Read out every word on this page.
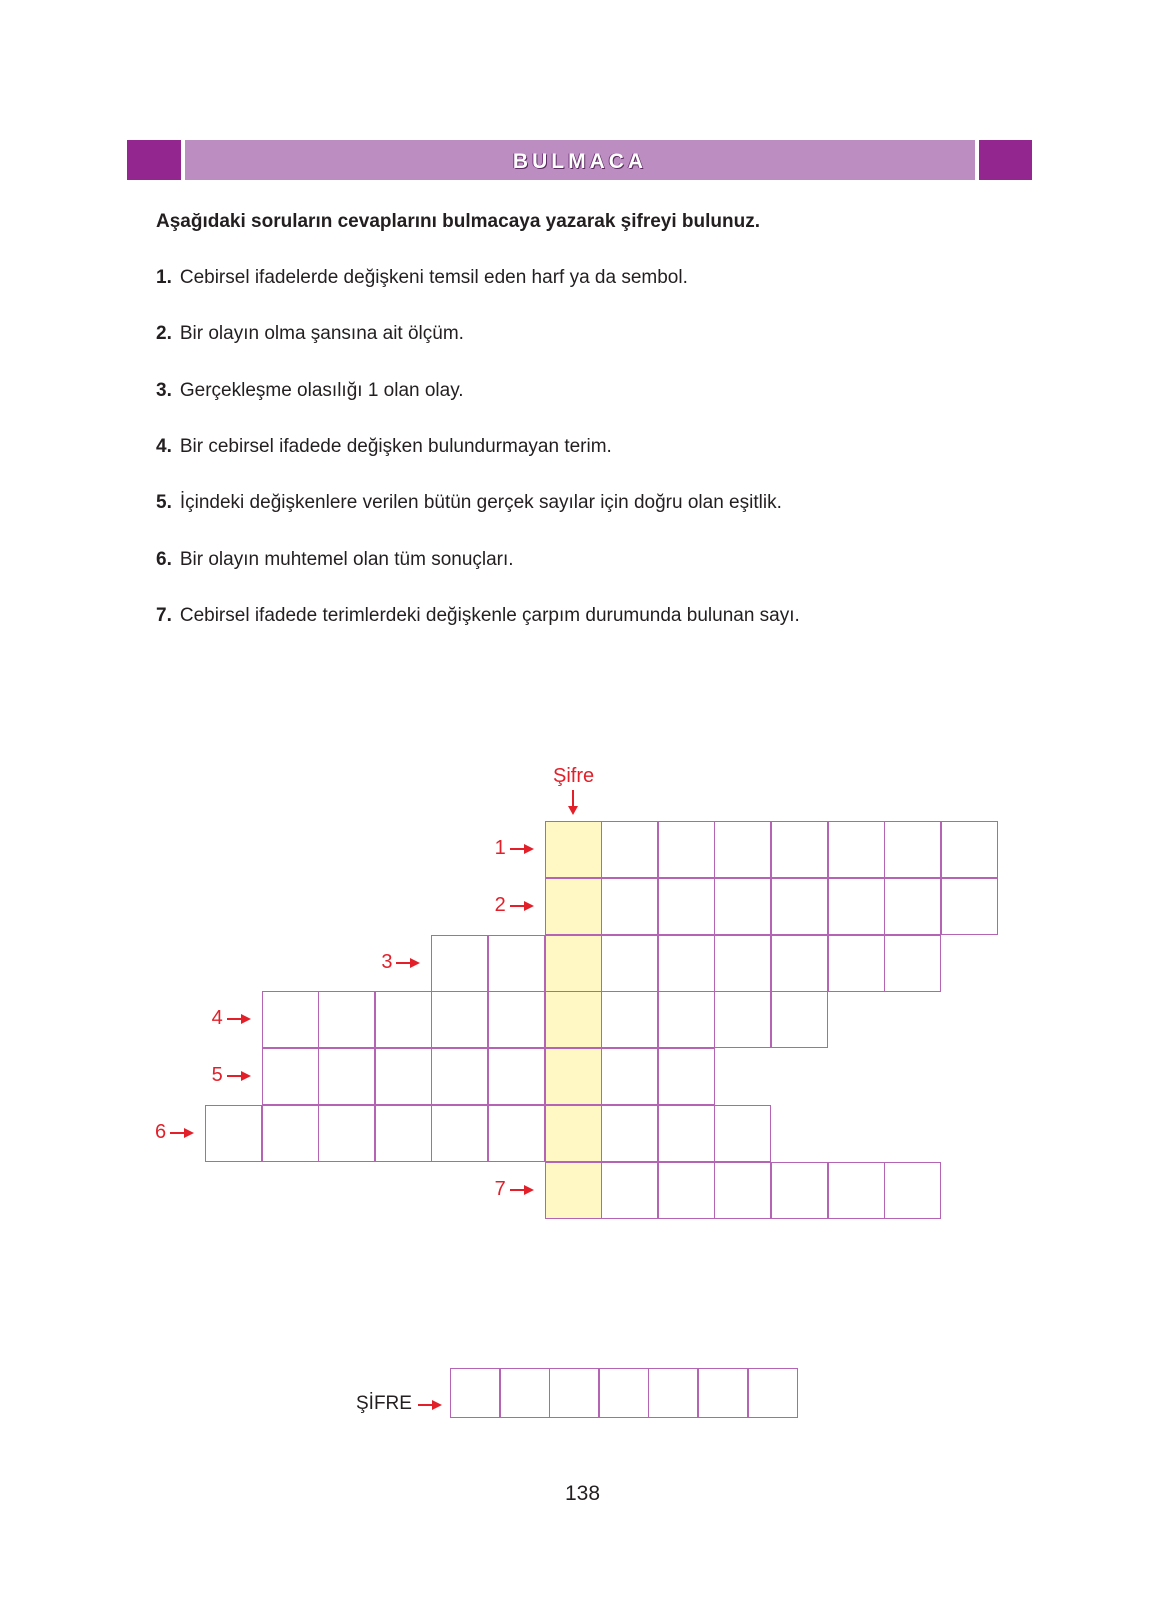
BULMACA
Aşağıdaki soruların cevaplarını bulmacaya yazarak şifreyi bulunuz.
1. Cebirsel ifadelerde değişkeni temsil eden harf ya da sembol.
2. Bir olayın olma şansına ait ölçüm.
3. Gerçekleşme olasılığı 1 olan olay.
4. Bir cebirsel ifadede değişken bulundurmayan terim.
5. İçindeki değişkenlere verilen bütün gerçek sayılar için doğru olan eşitlik.
6. Bir olayın muhtemel olan tüm sonuçları.
7. Cebirsel ifadede terimlerdeki değişkenle çarpım durumunda bulunan sayı.
Şifre
1
2
3
4
5
6
7
ŞİFRE
138
